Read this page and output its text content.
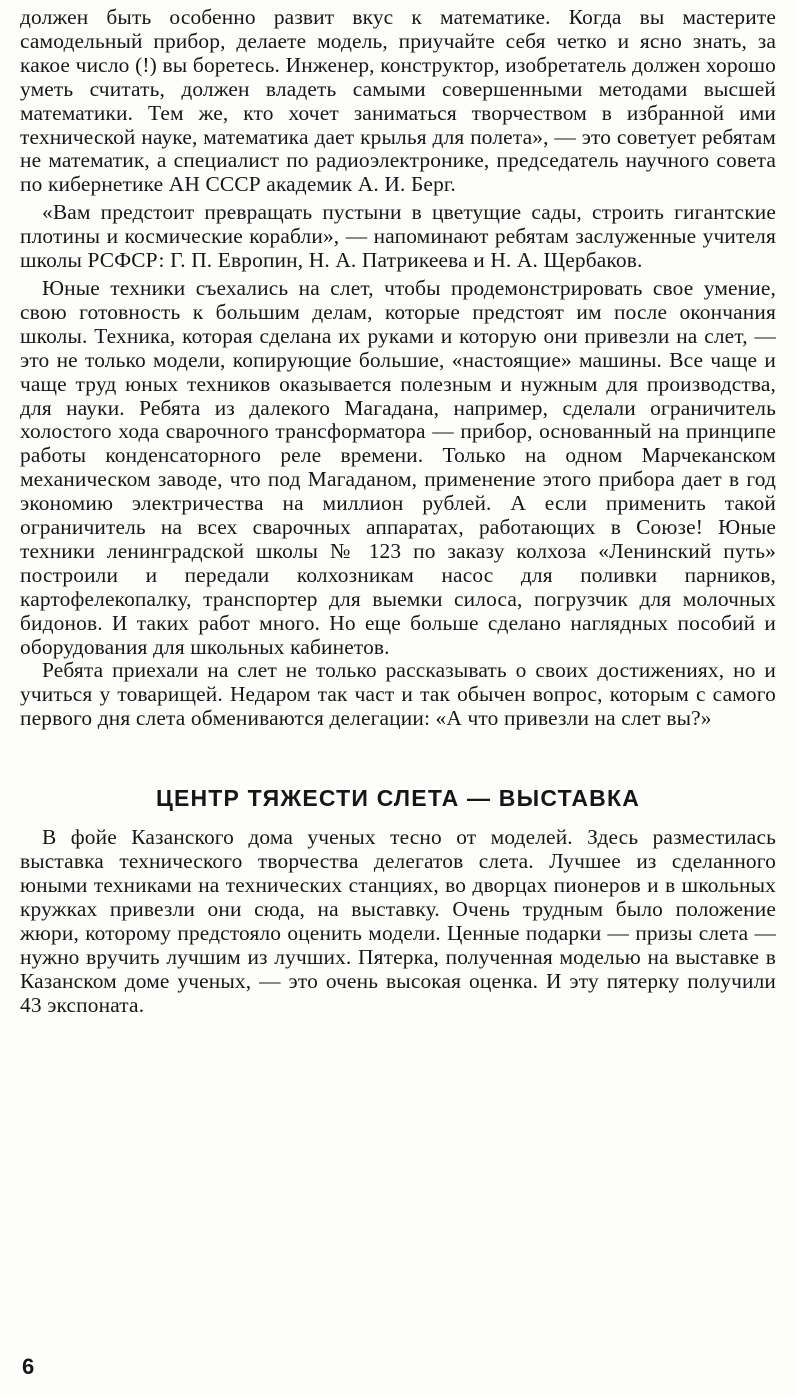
должен быть особенно развит вкус к математике. Когда вы мастерите самодельный прибор, делаете модель, приучайте себя четко и ясно знать, за какое число (!) вы боретесь. Инженер, конструктор, изобретатель должен хорошо уметь считать, должен владеть самыми совершенными методами высшей математики. Тем же, кто хочет заниматься творчеством в избранной ими технической науке, математика дает крылья для полета», — это советует ребятам не математик, а специалист по радиоэлектронике, председатель научного совета по кибернетике АН СССР академик А. И. Берг.

«Вам предстоит превращать пустыни в цветущие сады, строить гигантские плотины и космические корабли», — напоминают ребятам заслуженные учителя школы РСФСР: Г. П. Европин, Н. А. Патрикеева и Н. А. Щербаков.

Юные техники съехались на слет, чтобы продемонстрировать свое умение, свою готовность к большим делам, которые предстоят им после окончания школы. Техника, которая сделана их руками и которую они привезли на слет, — это не только модели, копирующие большие, «настоящие» машины. Все чаще и чаще труд юных техников оказывается полезным и нужным для производства, для науки. Ребята из далекого Магадана, например, сделали ограничитель холостого хода сварочного трансформатора — прибор, основанный на принципе работы конденсаторного реле времени. Только на одном Марчеканском механическом заводе, что под Магаданом, применение этого прибора дает в год экономию электричества на миллион рублей. А если применить такой ограничитель на всех сварочных аппаратах, работающих в Союзе! Юные техники ленинградской школы № 123 по заказу колхоза «Ленинский путь» построили и передали колхозникам насос для поливки парников, картофелекопалку, транспортер для выемки силоса, погрузчик для молочных бидонов. И таких работ много. Но еще больше сделано наглядных пособий и оборудования для школьных кабинетов.

Ребята приехали на слет не только рассказывать о своих достижениях, но и учиться у товарищей. Недаром так част и так обычен вопрос, которым с самого первого дня слета обмениваются делегации: «А что привезли на слет вы?»

ЦЕНТР ТЯЖЕСТИ СЛЕТА — ВЫСТАВКА

В фойе Казанского дома ученых тесно от моделей. Здесь разместилась выставка технического творчества делегатов слета. Лучшее из сделанного юными техниками на технических станциях, во дворцах пионеров и в школьных кружках привезли они сюда, на выставку. Очень трудным было положение жюри, которому предстояло оценить модели. Ценные подарки — призы слета — нужно вручить лучшим из лучших. Пятерка, полученная моделью на выставке в Казанском доме ученых, — это очень высокая оценка. И эту пятерку получили 43 экспоната.

6
